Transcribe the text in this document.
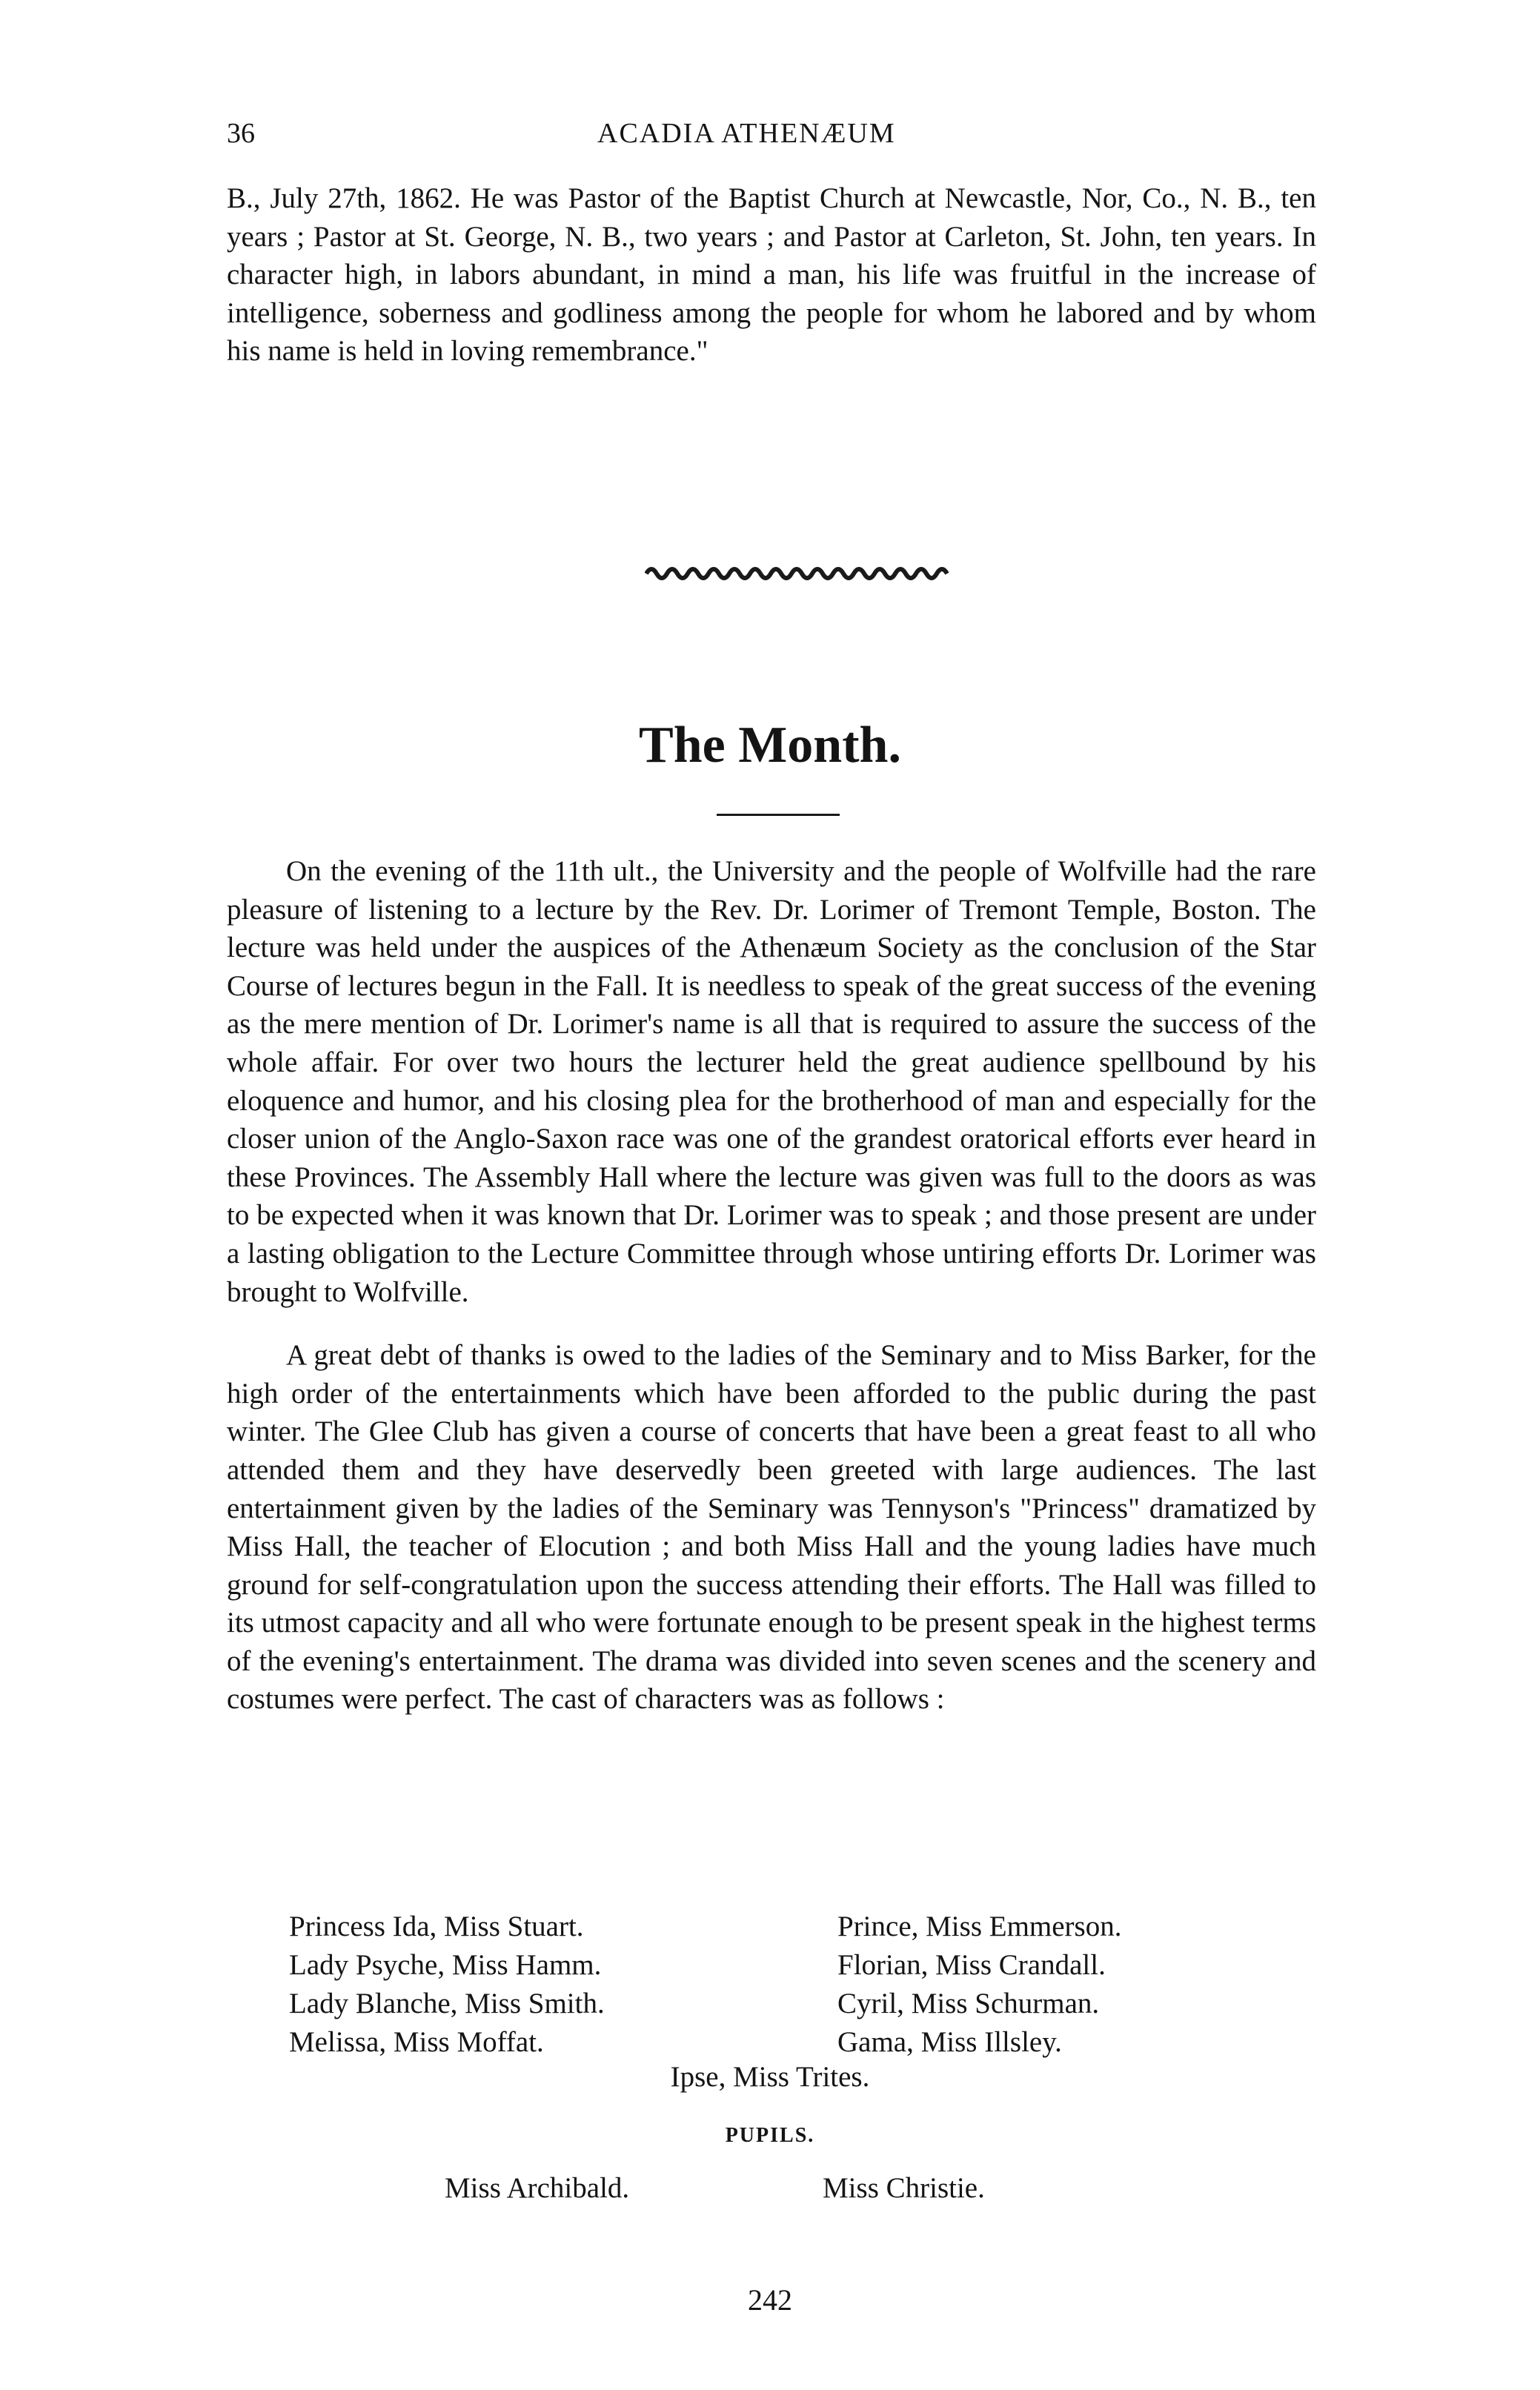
36	ACADIA ATHENÆUM

B., July 27th, 1862. He was Pastor of the Baptist Church at Newcastle, Nor, Co., N. B., ten years ; Pastor at St. George, N. B., two years ; and Pastor at Carleton, St. John, ten years. In character high, in labors abundant, in mind a man, his life was fruitful in the increase of intelligence, soberness and godliness among the people for whom he labored and by whom his name is held in loving remembrance."

The Month.

On the evening of the 11th ult., the University and the people of Wolfville had the rare pleasure of listening to a lecture by the Rev. Dr. Lorimer of Tremont Temple, Boston. The lecture was held under the auspices of the Athenæum Society as the conclusion of the Star Course of lectures begun in the Fall. It is needless to speak of the great success of the evening as the mere mention of Dr. Lorimer's name is all that is required to assure the success of the whole affair. For over two hours the lecturer held the great audience spellbound by his eloquence and humor, and his closing plea for the brotherhood of man and especially for the closer union of the Anglo-Saxon race was one of the grandest oratorical efforts ever heard in these Provinces. The Assembly Hall where the lecture was given was full to the doors as was to be expected when it was known that Dr. Lorimer was to speak ; and those present are under a lasting obligation to the Lecture Committee through whose untiring efforts Dr. Lorimer was brought to Wolfville.

A great debt of thanks is owed to the ladies of the Seminary and to Miss Barker, for the high order of the entertainments which have been afforded to the public during the past winter. The Glee Club has given a course of concerts that have been a great feast to all who attended them and they have deservedly been greeted with large audiences. The last entertainment given by the ladies of the Seminary was Tennyson's "Princess" dramatized by Miss Hall, the teacher of Elocution ; and both Miss Hall and the young ladies have much ground for self-congratulation upon the success attending their efforts. The Hall was filled to its utmost capacity and all who were fortunate enough to be present speak in the highest terms of the evening's entertainment. The drama was divided into seven scenes and the scenery and costumes were perfect. The cast of characters was as follows :

Princess Ida, Miss Stuart.
Lady Psyche, Miss Hamm.
Lady Blanche, Miss Smith.
Melissa, Miss Moffat.
Prince, Miss Emmerson.
Florian, Miss Crandall.
Cyril, Miss Schurman.
Gama, Miss Illsley.
Ipse, Miss Trites.
PUPILS.
Miss Archibald.	Miss Christie.
242
